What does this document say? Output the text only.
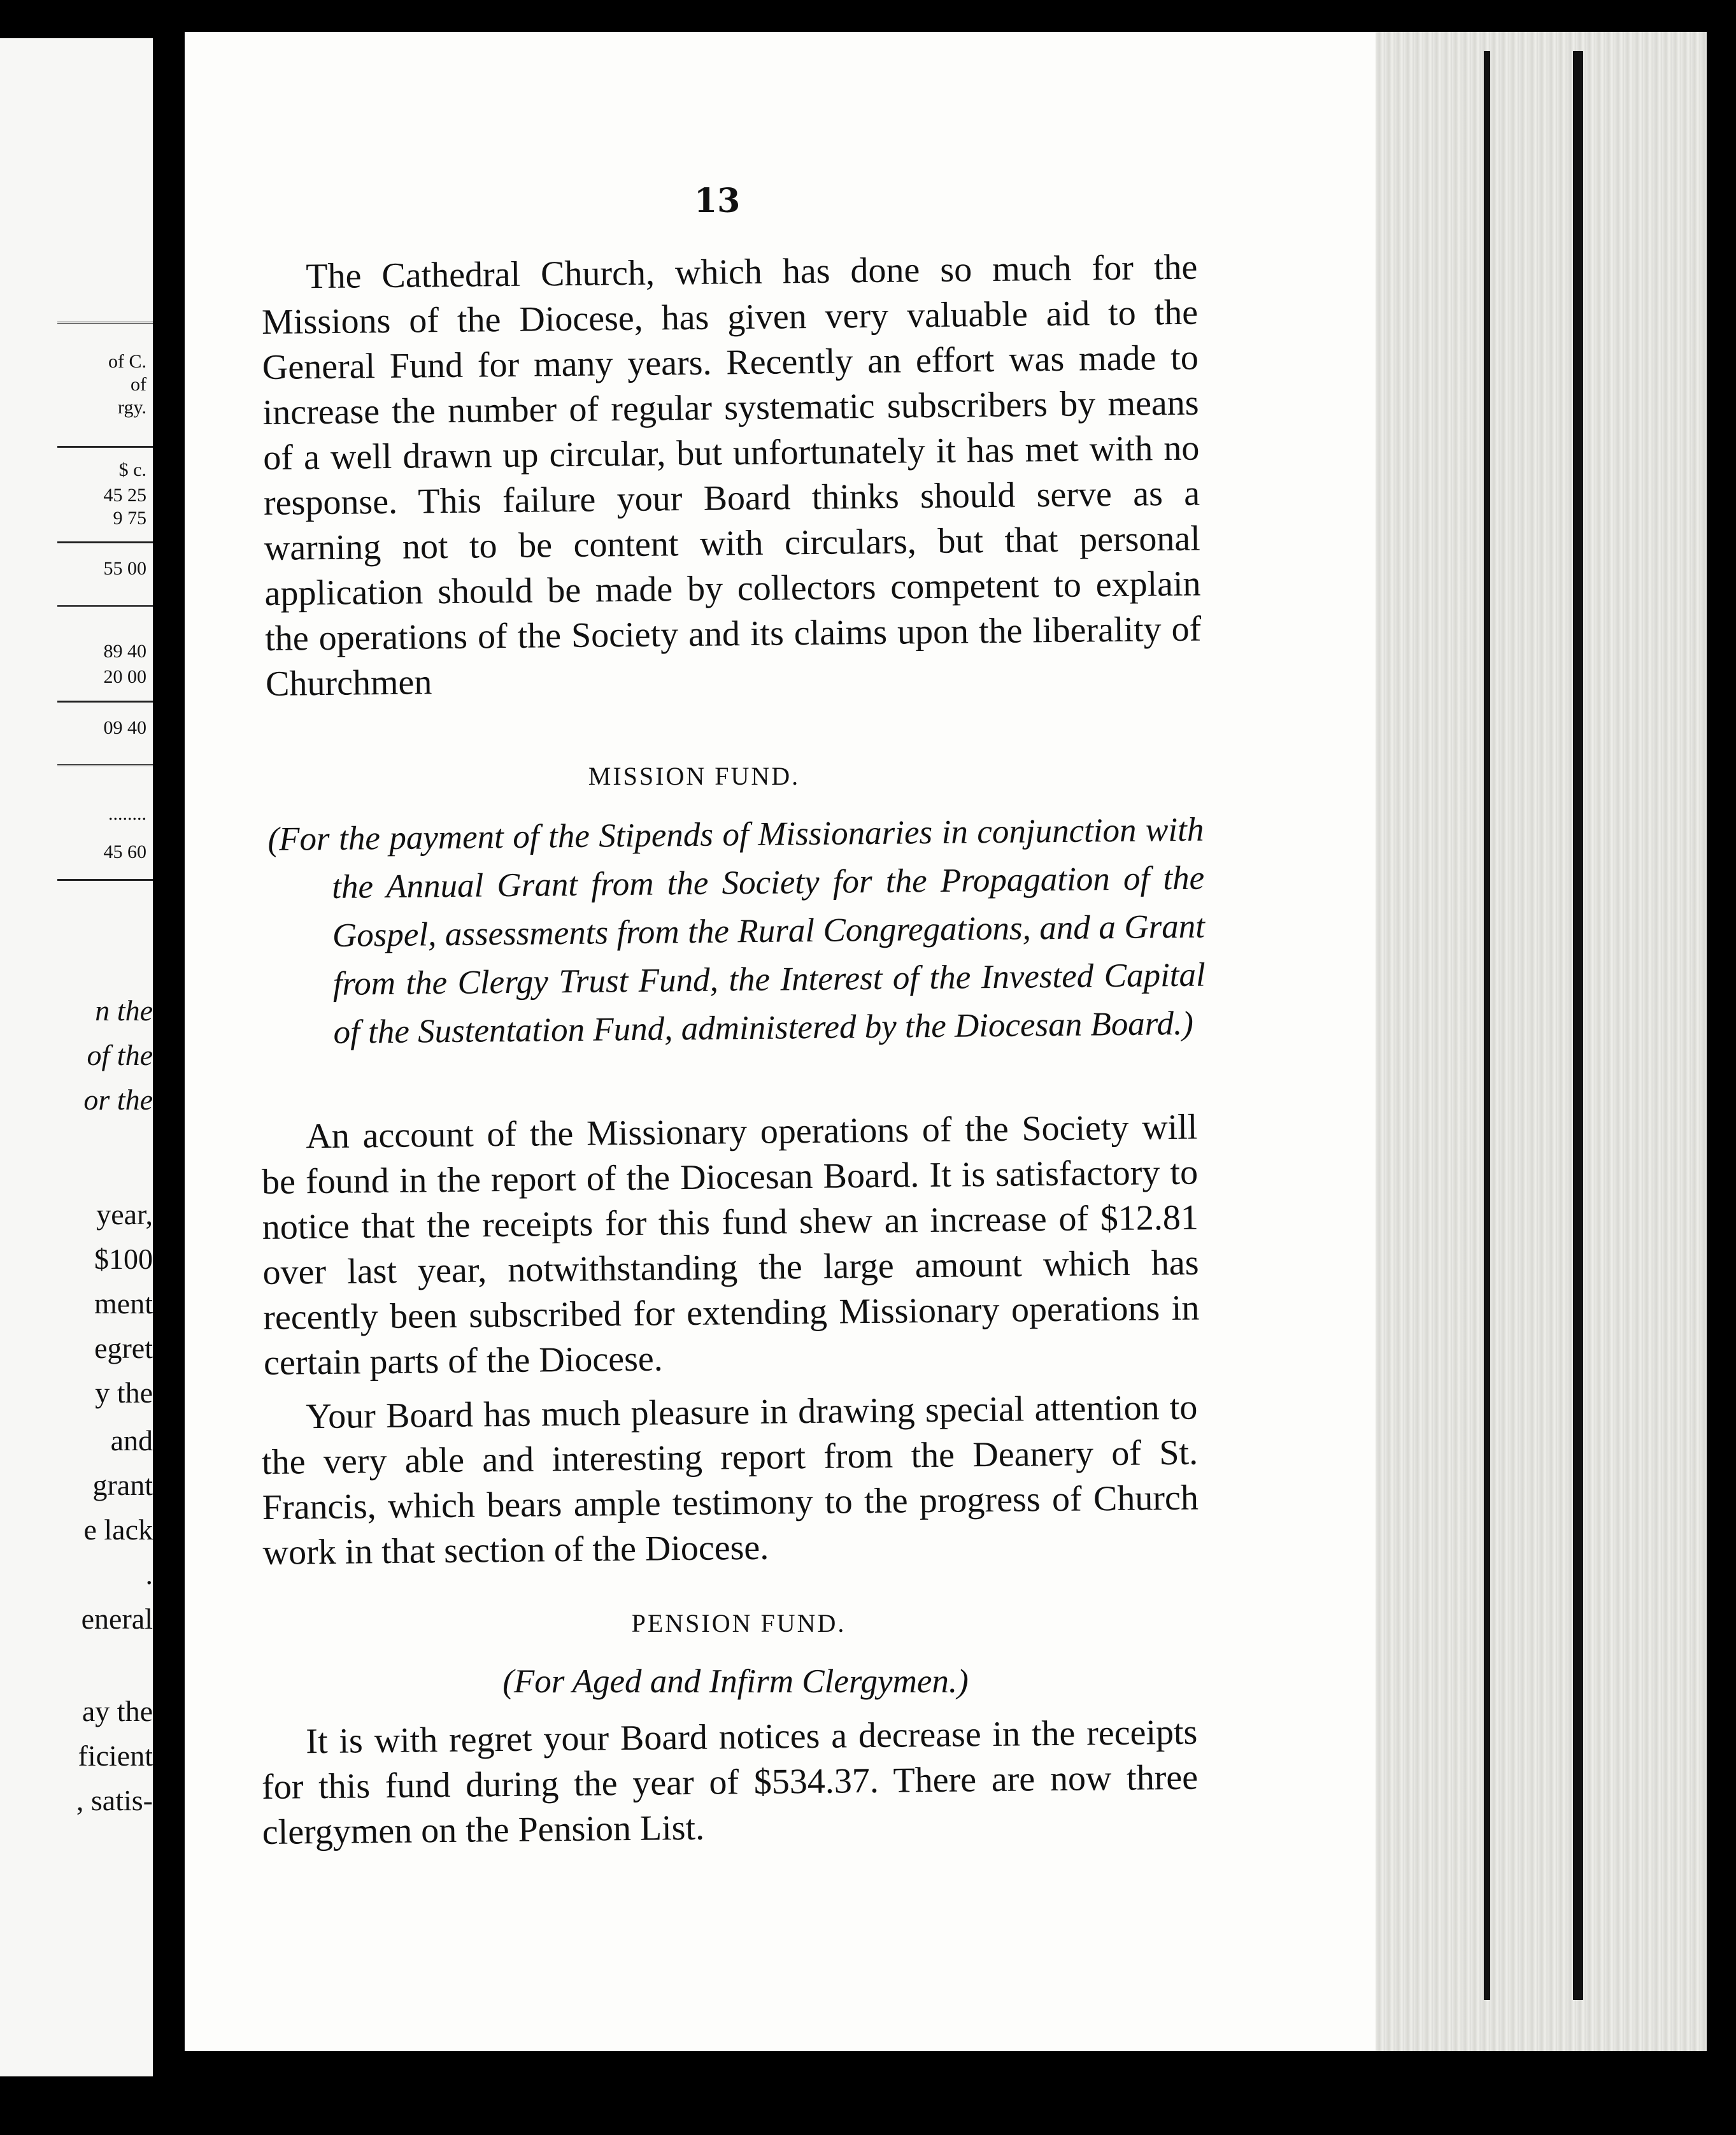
of C.
of
rgy.
$ c.
45 25
9 75
55 00
89 40
20 00
09 40
........
45 60
n the
of the
or the
year,
$100
ment
egret
y the
and
grant
e lack
.
eneral
ay the
ficient
, satis-
13

The Cathedral Church, which has done so much for the Missions of the Diocese, has given very valuable aid to the General Fund for many years. Recently an effort was made to increase the number of regular systematic subscribers by means of a well drawn up circular, but unfortunately it has met with no response. This failure your Board thinks should serve as a warning not to be content with circulars, but that personal application should be made by collectors competent to explain the operations of the Society and its claims upon the liberality of Churchmen

MISSION FUND.

(For the payment of the Stipends of Missionaries in conjunction with the Annual Grant from the Society for the Propagation of the Gospel, assessments from the Rural Congregations, and a Grant from the Clergy Trust Fund, the Interest of the Invested Capital of the Sustentation Fund, administered by the Diocesan Board.)

An account of the Missionary operations of the Society will be found in the report of the Diocesan Board. It is satisfactory to notice that the receipts for this fund shew an increase of $12.81 over last year, notwithstanding the large amount which has recently been subscribed for extending Missionary operations in certain parts of the Diocese.

Your Board has much pleasure in drawing special attention to the very able and interesting report from the Deanery of St. Francis, which bears ample testimony to the progress of Church work in that section of the Diocese.

PENSION FUND.
(For Aged and Infirm Clergymen.)

It is with regret your Board notices a decrease in the receipts for this fund during the year of $534.37. There are now three clergymen on the Pension List.
